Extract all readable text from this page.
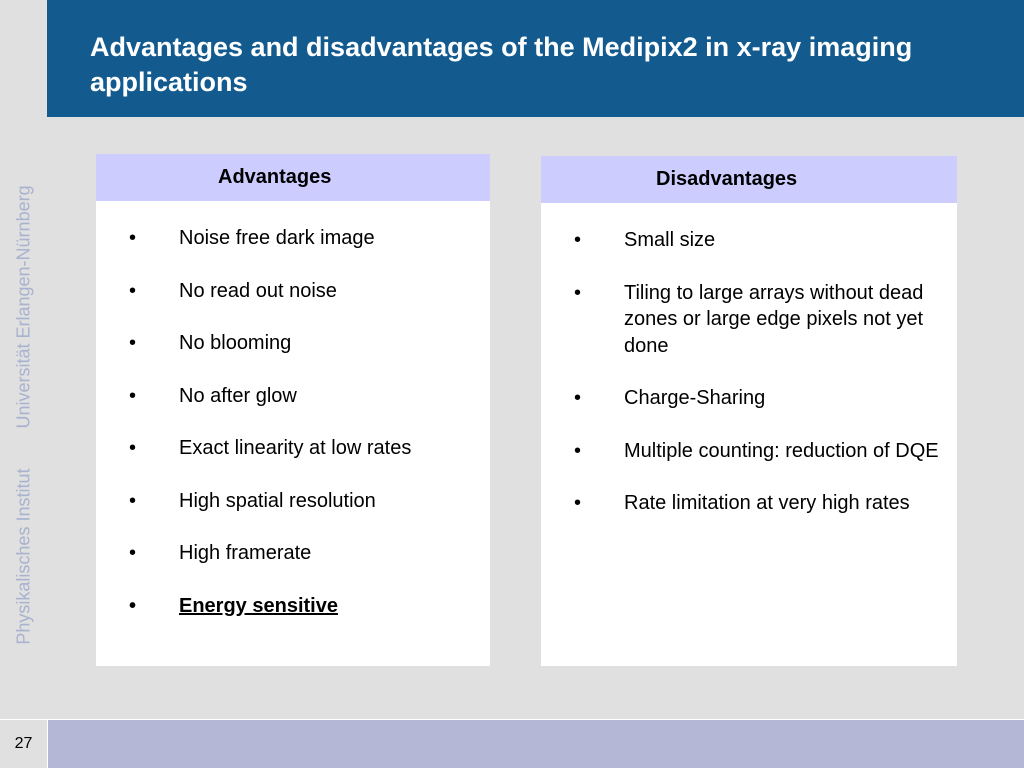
Physikalisches InstitutUniversität Erlangen-Nürnberg
Advantages and disadvantages of the Medipix2 in x-ray imaging applications
Advantages
• Noise free dark image
• No read out noise
• No blooming
• No after glow
• Exact linearity at low rates
• High spatial resolution
• High framerate
• Energy sensitive
Disadvantages
• Small size
• Tiling to large arrays without dead zones or large edge pixels not yet done
• Charge-Sharing
• Multiple counting: reduction of DQE
• Rate limitation at very high rates
27
